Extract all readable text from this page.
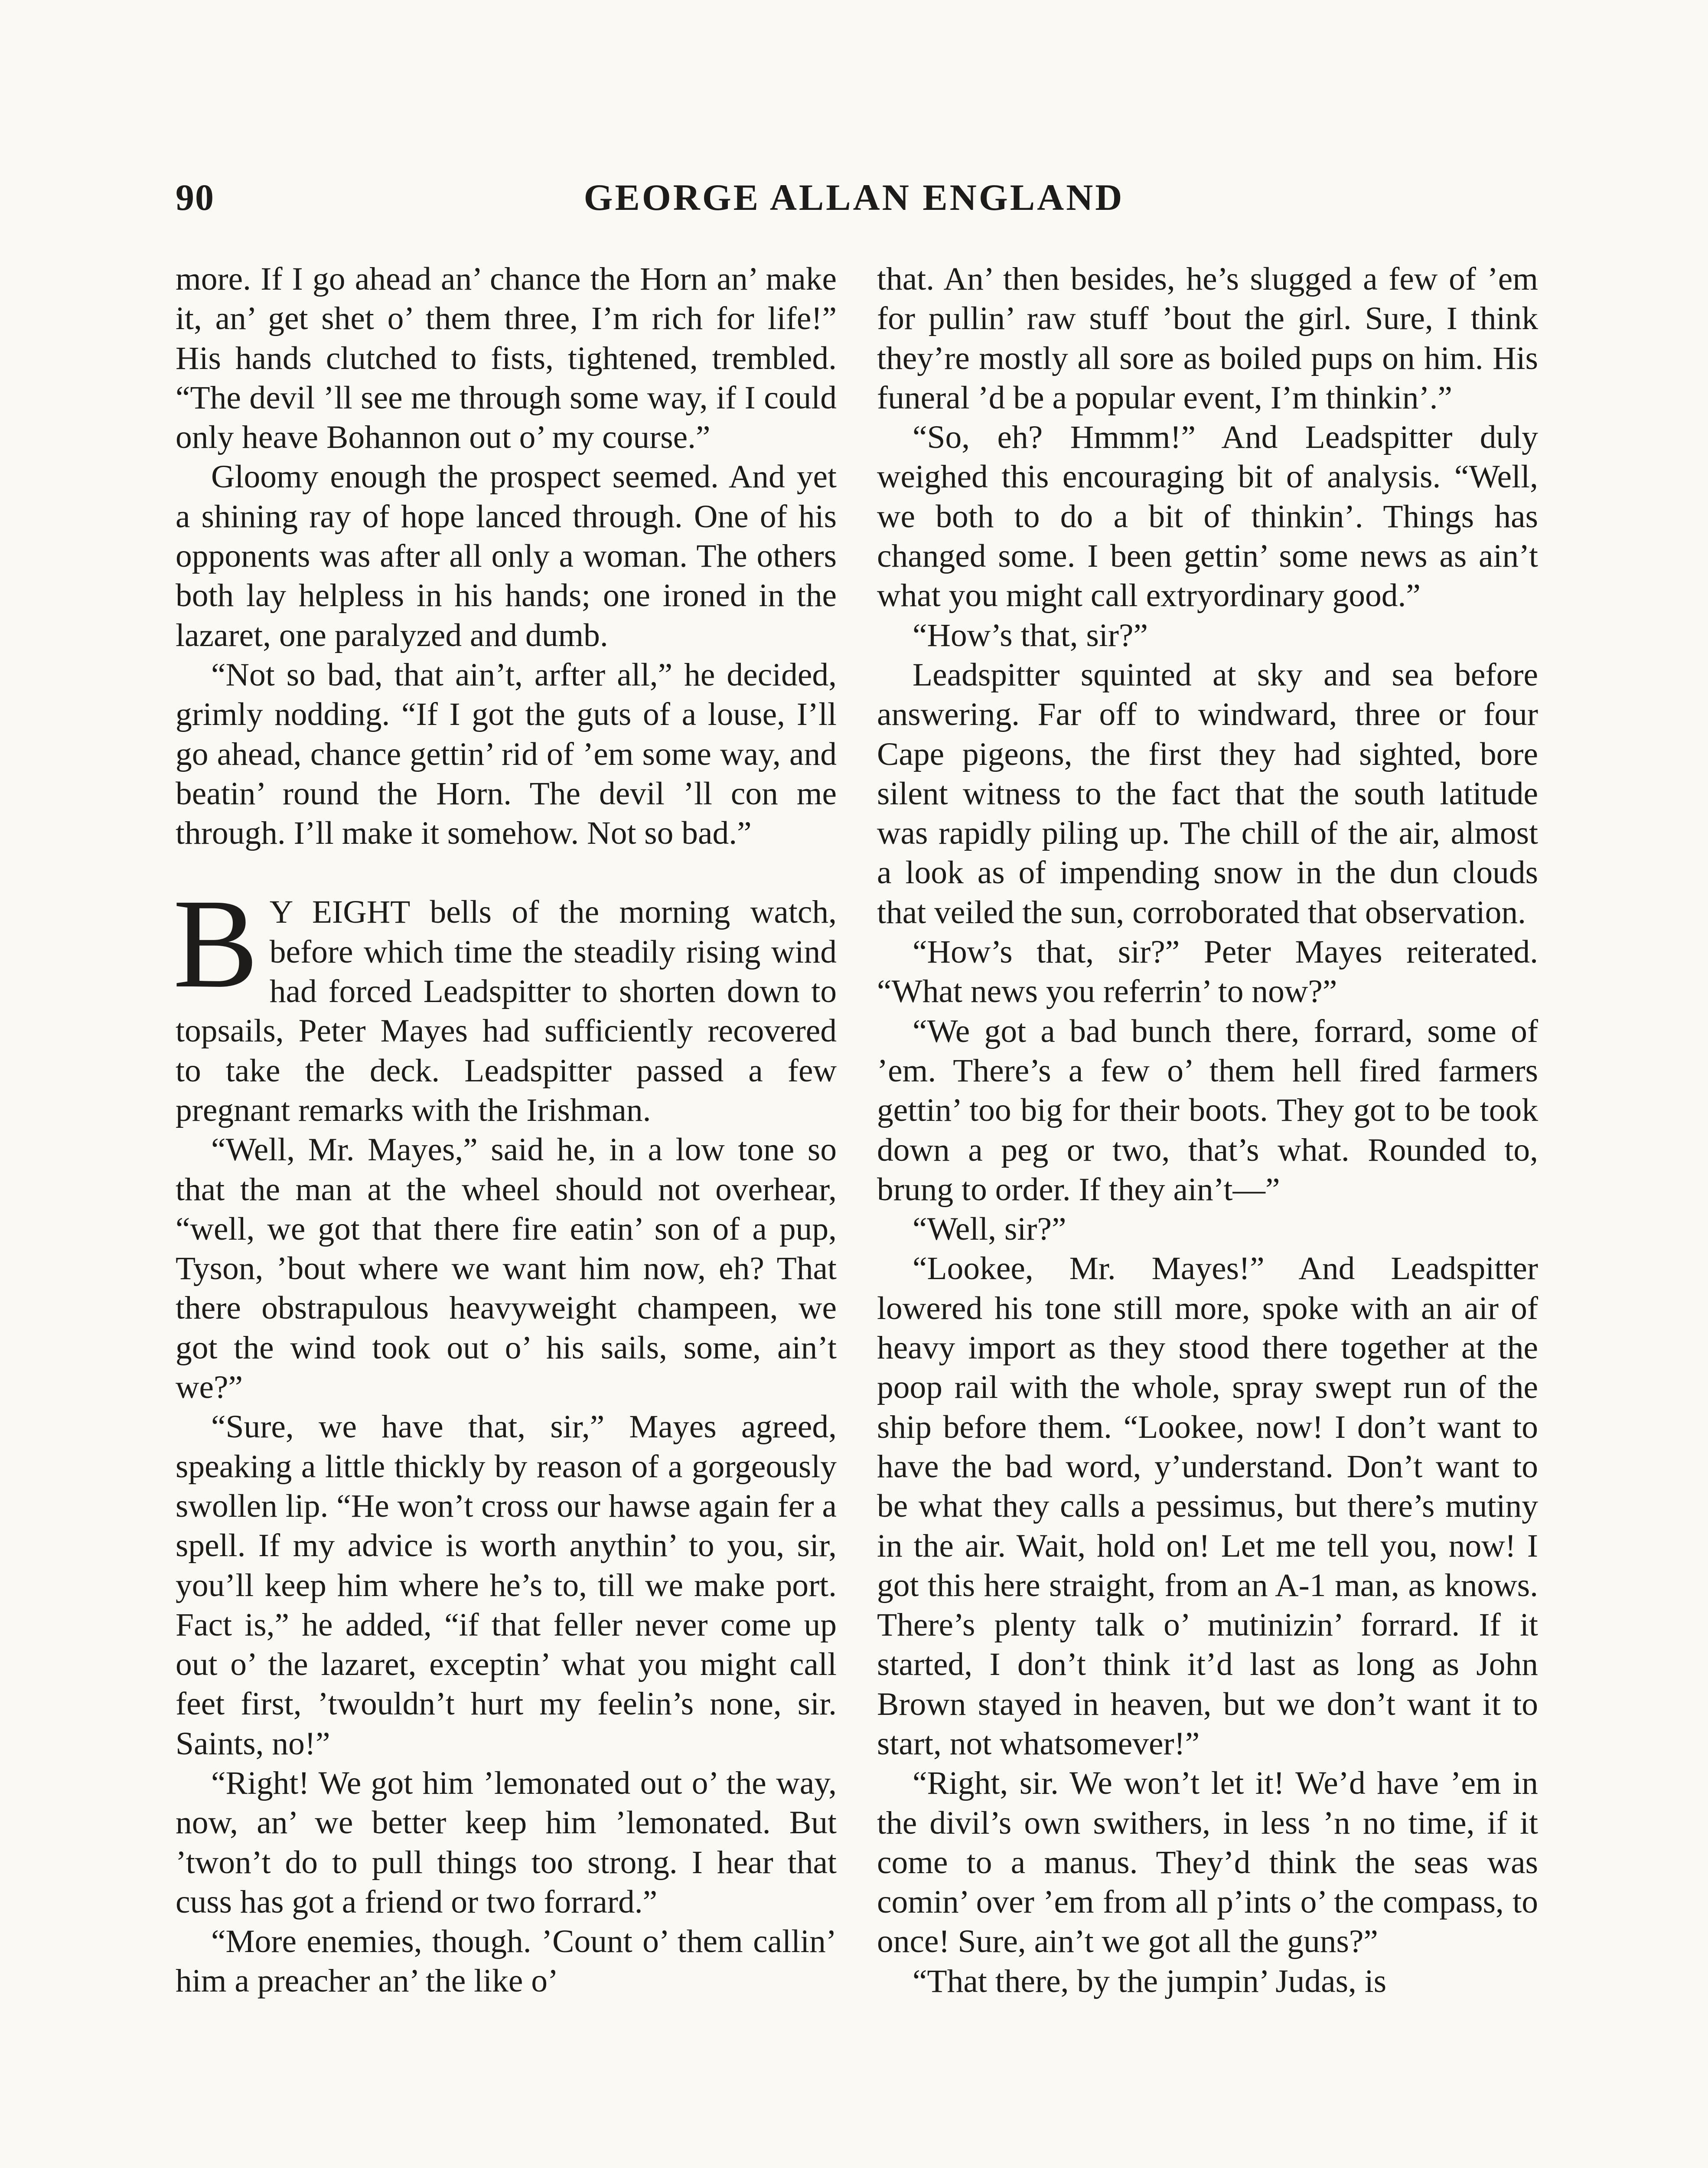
90	GEORGE ALLAN ENGLAND

more. If I go ahead an’ chance the Horn an’ make it, an’ get shet o’ them three, I’m rich for life!” His hands clutched to fists, tightened, trembled. “The devil ’ll see me through some way, if I could only heave Bohannon out o’ my course.”

Gloomy enough the prospect seemed. And yet a shining ray of hope lanced through. One of his opponents was after all only a woman. The others both lay helpless in his hands; one ironed in the lazaret, one paralyzed and dumb.

“Not so bad, that ain’t, arfter all,” he decided, grimly nodding. “If I got the guts of a louse, I’ll go ahead, chance gettin’ rid of ’em some way, and beatin’ round the Horn. The devil ’ll con me through. I’ll make it somehow. Not so bad.”

B Y EIGHT bells of the morning watch, before which time the steadily rising wind had forced Leadspitter to shorten down to topsails, Peter Mayes had sufficiently recovered to take the deck. Leadspitter passed a few pregnant remarks with the Irishman.

“Well, Mr. Mayes,” said he, in a low tone so that the man at the wheel should not overhear, “well, we got that there fire eatin’ son of a pup, Tyson, ’bout where we want him now, eh? That there obstrapulous heavyweight champeen, we got the wind took out o’ his sails, some, ain’t we?”

“Sure, we have that, sir,” Mayes agreed, speaking a little thickly by reason of a gorgeously swollen lip. “He won’t cross our hawse again fer a spell. If my advice is worth anythin’ to you, sir, you’ll keep him where he’s to, till we make port. Fact is,” he added, “if that feller never come up out o’ the lazaret, exceptin’ what you might call feet first, ’twouldn’t hurt my feelin’s none, sir. Saints, no!”

“Right! We got him ’lemonated out o’ the way, now, an’ we better keep him ’lemonated. But ’twon’t do to pull things too strong. I hear that cuss has got a friend or two forrard.”

“More enemies, though. ’Count o’ them callin’ him a preacher an’ the like o’

that. An’ then besides, he’s slugged a few of ’em for pullin’ raw stuff ’bout the girl. Sure, I think they’re mostly all sore as boiled pups on him. His funeral ’d be a popular event, I’m thinkin’.”

“So, eh? Hmmm!” And Leadspitter duly weighed this encouraging bit of analysis. “Well, we both to do a bit of thinkin’. Things has changed some. I been gettin’ some news as ain’t what you might call extryordinary good.”

“How’s that, sir?”

Leadspitter squinted at sky and sea before answering. Far off to windward, three or four Cape pigeons, the first they had sighted, bore silent witness to the fact that the south latitude was rapidly piling up. The chill of the air, almost a look as of impending snow in the dun clouds that veiled the sun, corroborated that observation.

“How’s that, sir?” Peter Mayes reiterated. “What news you referrin’ to now?”

“We got a bad bunch there, forrard, some of ’em. There’s a few o’ them hell fired farmers gettin’ too big for their boots. They got to be took down a peg or two, that’s what. Rounded to, brung to order. If they ain’t—”

“Well, sir?”

“Lookee, Mr. Mayes!” And Leadspitter lowered his tone still more, spoke with an air of heavy import as they stood there together at the poop rail with the whole, spray swept run of the ship before them. “Lookee, now! I don’t want to have the bad word, y’understand. Don’t want to be what they calls a pessimus, but there’s mutiny in the air. Wait, hold on! Let me tell you, now! I got this here straight, from an A-1 man, as knows. There’s plenty talk o’ mutinizin’ forrard. If it started, I don’t think it’d last as long as John Brown stayed in heaven, but we don’t want it to start, not whatsomever!”

“Right, sir. We won’t let it! We’d have ’em in the divil’s own swithers, in less ’n no time, if it come to a manus. They’d think the seas was comin’ over ’em from all p’ints o’ the compass, to once! Sure, ain’t we got all the guns?”

“That there, by the jumpin’ Judas, is
